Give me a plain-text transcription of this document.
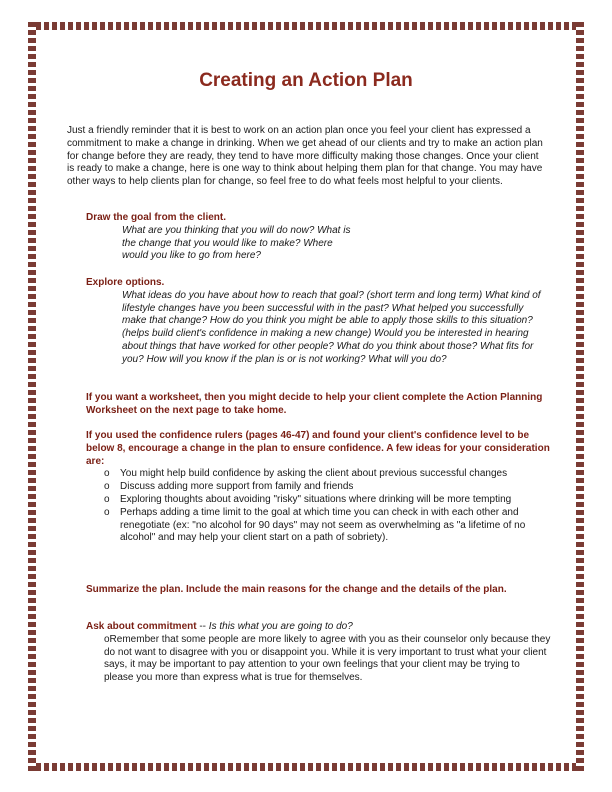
Creating an Action Plan
Just a friendly reminder that it is best to work on an action plan once you feel your client has expressed a commitment to make a change in drinking. When we get ahead of our clients and try to make an action plan for change before they are ready, they tend to have more difficulty making those changes. Once your client is ready to make a change, here is one way to think about helping them plan for that change. You may have other ways to help clients plan for change, so feel free to do what feels most helpful to your clients.
Draw the goal from the client.
What are you thinking that you will do now? What is
the change that you would like to make? Where
would you like to go from here?
Explore options.
What ideas do you have about how to reach that goal? (short term and long term) What kind of lifestyle changes have you been successful with in the past? What helped you successfully make that change? How do you think you might be able to apply those skills to this situation? (helps build client's confidence in making a new change) Would you be interested in hearing about things that have worked for other people? What do you think about those? What fits for you? How will you know if the plan is or is not working? What will you do?
If you want a worksheet, then you might decide to help your client complete the Action Planning Worksheet on the next page to take home.
If you used the confidence rulers (pages 46-47) and found your client's confidence level to be below 8, encourage a change in the plan to ensure confidence. A few ideas for your consideration are:
o You might help build confidence by asking the client about previous successful changes
o Discuss adding more support from family and friends
o Exploring thoughts about avoiding "risky" situations where drinking will be more tempting
o Perhaps adding a time limit to the goal at which time you can check in with each other and renegotiate (ex: "no alcohol for 90 days" may not seem as overwhelming as "a lifetime of no alcohol" and may help your client start on a path of sobriety).
Summarize the plan. Include the main reasons for the change and the details of the plan.
Ask about commitment -- Is this what you are going to do?
oRemember that some people are more likely to agree with you as their counselor only because they do not want to disagree with you or disappoint you. While it is very important to trust what your client says, it may be important to pay attention to your own feelings that your client may be trying to please you more than express what is true for themselves.
